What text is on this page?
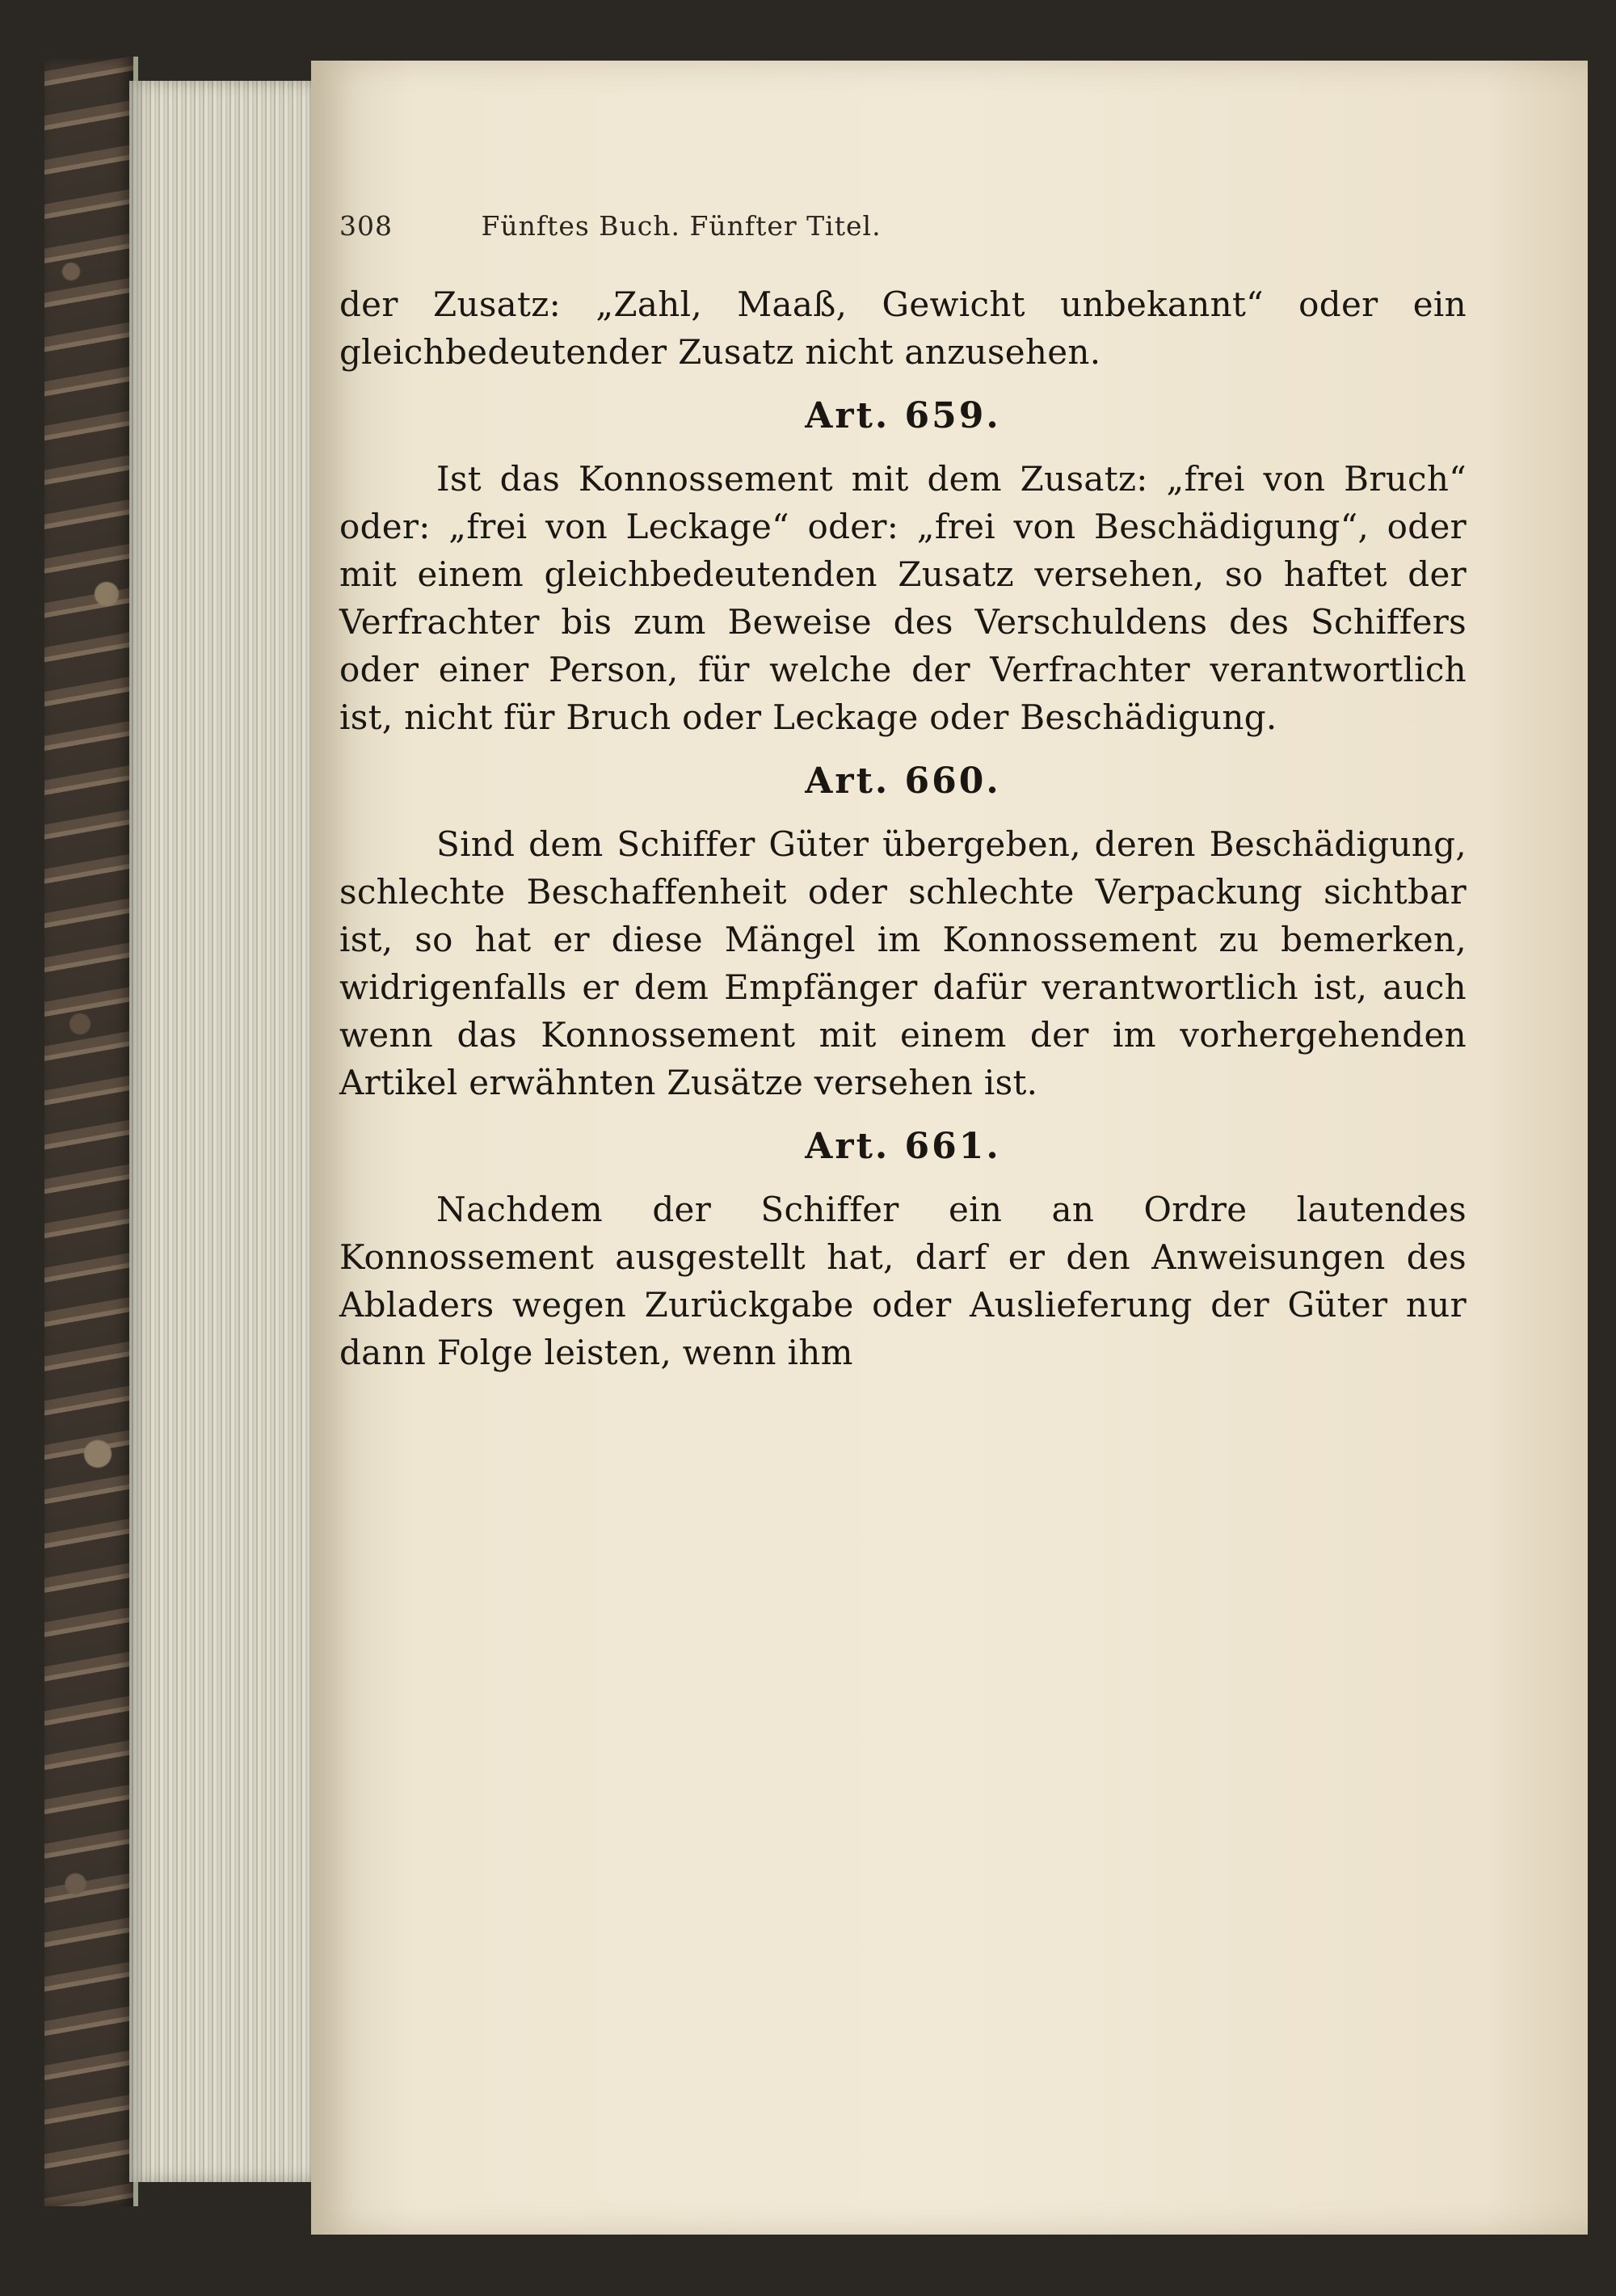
308	Fünftes Buch. Fünfter Titel.

der Zusatz: „Zahl, Maaß, Gewicht unbekannt“ oder ein gleichbedeutender Zusatz nicht anzusehen.

Art. 659.

Ist das Konnossement mit dem Zusatz: „frei von Bruch“ oder: „frei von Leckage“ oder: „frei von Beschädigung“, oder mit einem gleichbedeutenden Zusatz versehen, so haftet der Verfrachter bis zum Beweise des Verschuldens des Schiffers oder einer Person, für welche der Verfrachter verantwortlich ist, nicht für Bruch oder Leckage oder Beschädigung.

Art. 660.

Sind dem Schiffer Güter übergeben, deren Beschädigung, schlechte Beschaffenheit oder schlechte Verpackung sichtbar ist, so hat er diese Mängel im Konnossement zu bemerken, widrigenfalls er dem Empfänger dafür verantwortlich ist, auch wenn das Konnossement mit einem der im vorhergehenden Artikel erwähnten Zusätze versehen ist.

Art. 661.

Nachdem der Schiffer ein an Ordre lautendes Konnossement ausgestellt hat, darf er den Anweisungen des Abladers wegen Zurückgabe oder Auslieferung der Güter nur dann Folge leisten, wenn ihm
